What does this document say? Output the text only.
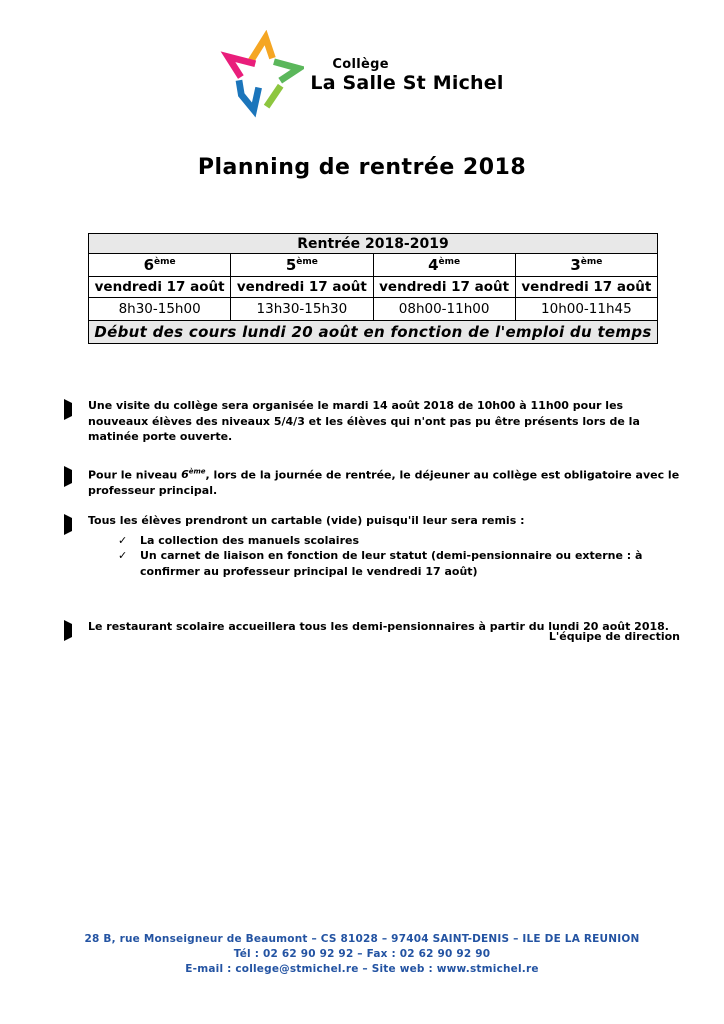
Collège
La Salle St Michel
Planning de rentrée 2018
Rentrée 2018-2019			
6ème	5ème	4ème	3ème
vendredi 17 août	vendredi 17 août	vendredi 17 août	vendredi 17 août
8h30-15h00	13h30-15h30	08h00-11h00	10h00-11h45
Début des cours lundi 20 août en fonction de l'emploi du temps			
Une visite du collège sera organisée le mardi 14 août 2018 de 10h00 à 11h00 pour les nouveaux élèves des niveaux 5/4/3 et les élèves qui n'ont pas pu être présents lors de la matinée porte ouverte.
Pour le niveau 6ème, lors de la journée de rentrée, le déjeuner au collège est obligatoire avec le professeur principal.
Tous les élèves prendront un cartable (vide) puisqu'il leur sera remis :
✓	La collection des manuels scolaires
✓	Un carnet de liaison en fonction de leur statut (demi-pensionnaire ou externe : à confirmer au professeur principal le vendredi 17 août)
Le restaurant scolaire accueillera tous les demi-pensionnaires à partir du lundi 20 août 2018.
L'équipe de direction
28 B, rue Monseigneur de Beaumont – CS 81028 – 97404 SAINT-DENIS – ILE DE LA REUNION
Tél : 02 62 90 92 92 – Fax : 02 62 90 92 90
E-mail : college@stmichel.re – Site web : www.stmichel.re
